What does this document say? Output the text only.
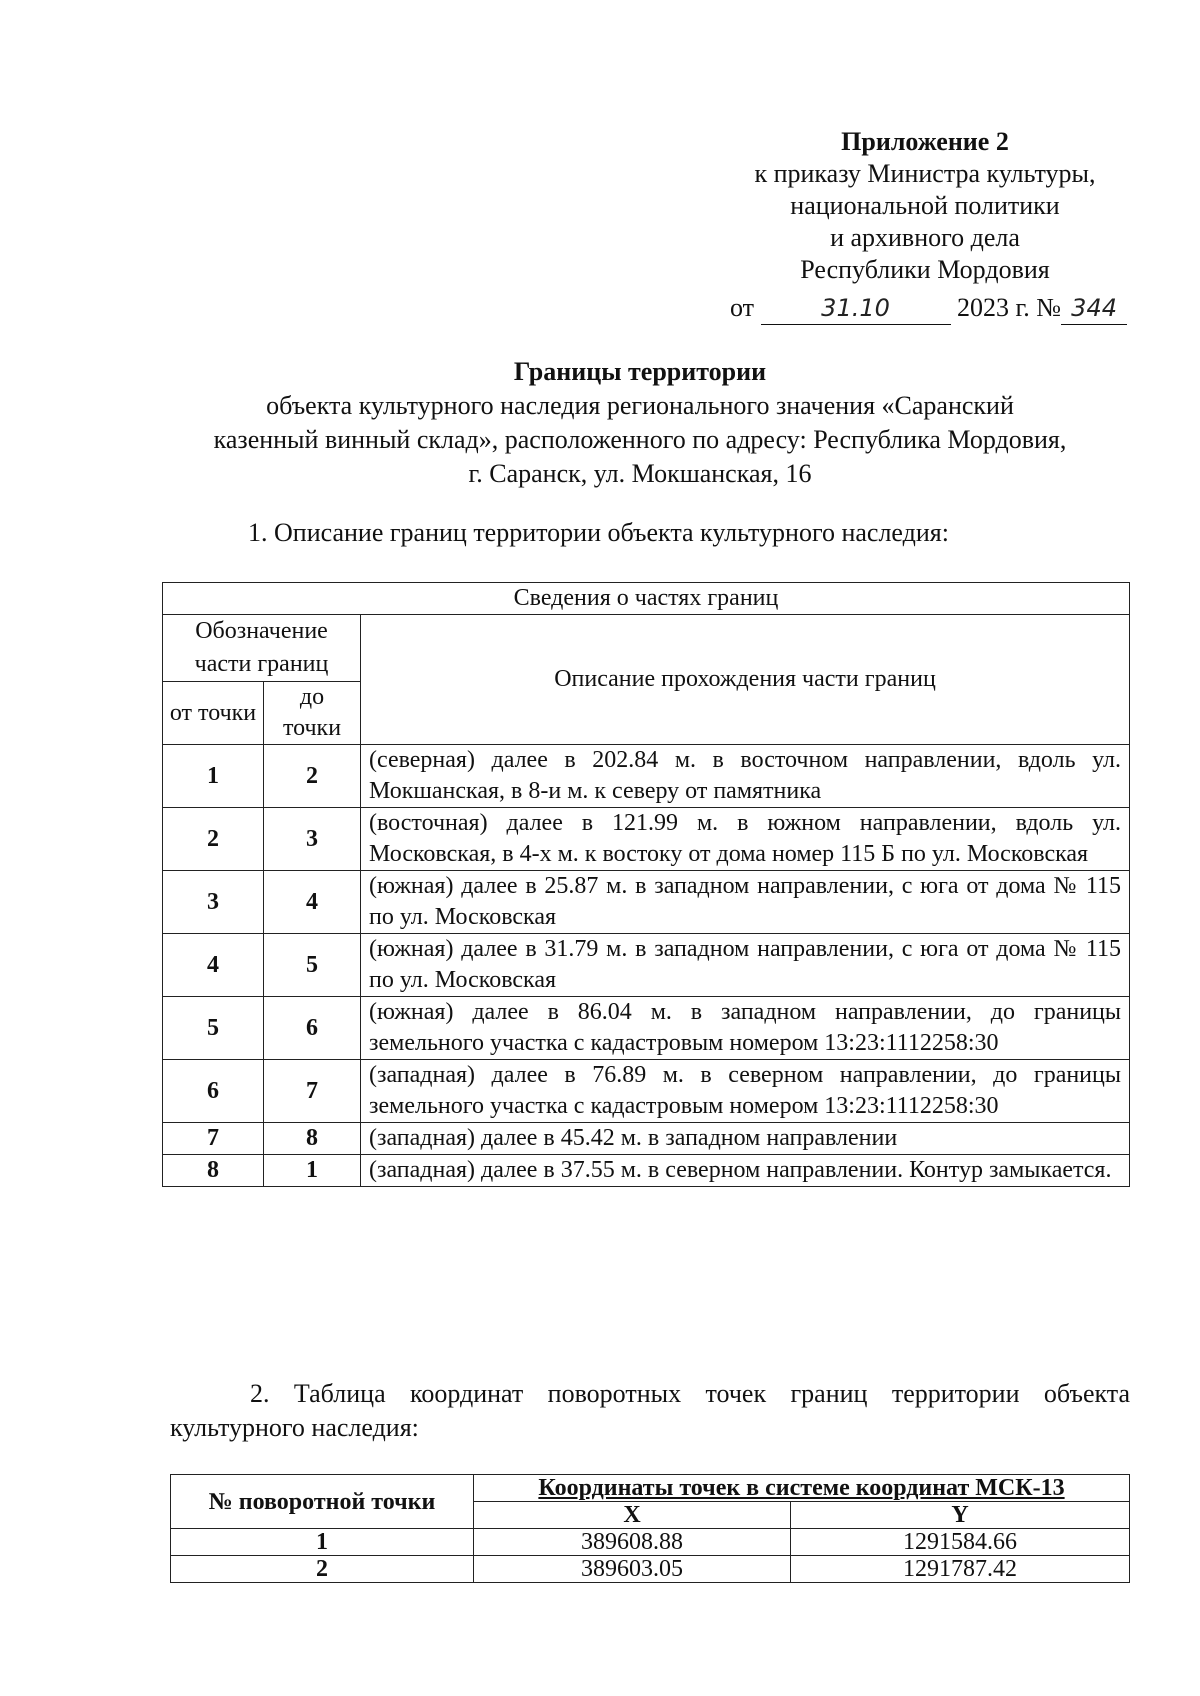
Приложение 2
к приказу Министра культуры,
национальной политики
и архивного дела
Республики Мордовия
от	31.10	2023 г. № 344
Границы территории
объекта культурного наследия регионального значения «Саранский
казенный винный склад», расположенного по адресу: Республика Мордовия,
г. Саранск, ул. Мокшанская, 16
1. Описание границ территории объекта культурного наследия:
Сведения о частях границ		
Обозначение части границ		Описание прохождения части границ
от точки	до точки	
1	2	(северная) далее в 202.84 м. в восточном направлении, вдоль ул. Мокшанская, в 8-и м. к северу от памятника
2	3	(восточная) далее в 121.99 м. в южном направлении, вдоль ул. Московская, в 4-х м. к востоку от дома номер 115 Б по ул. Московская
3	4	(южная) далее в 25.87 м. в западном направлении, с юга от дома № 115 по ул. Московская
4	5	(южная) далее в 31.79 м. в западном направлении, с юга от дома № 115 по ул. Московская
5	6	(южная) далее в 86.04 м. в западном направлении, до границы земельного участка с кадастровым номером 13:23:1112258:30
6	7	(западная) далее в 76.89 м. в северном направлении, до границы земельного участка с кадастровым номером 13:23:1112258:30
7	8	(западная) далее в 45.42 м. в западном направлении
8	1	(западная) далее в 37.55 м. в северном направлении. Контур замыкается.
2. Таблица координат поворотных точек границ территории объекта культурного наследия:
№ поворотной точки	Координаты точек в системе координат МСК-13	
	X	Y
1	389608.88	1291584.66
2	389603.05	1291787.42
